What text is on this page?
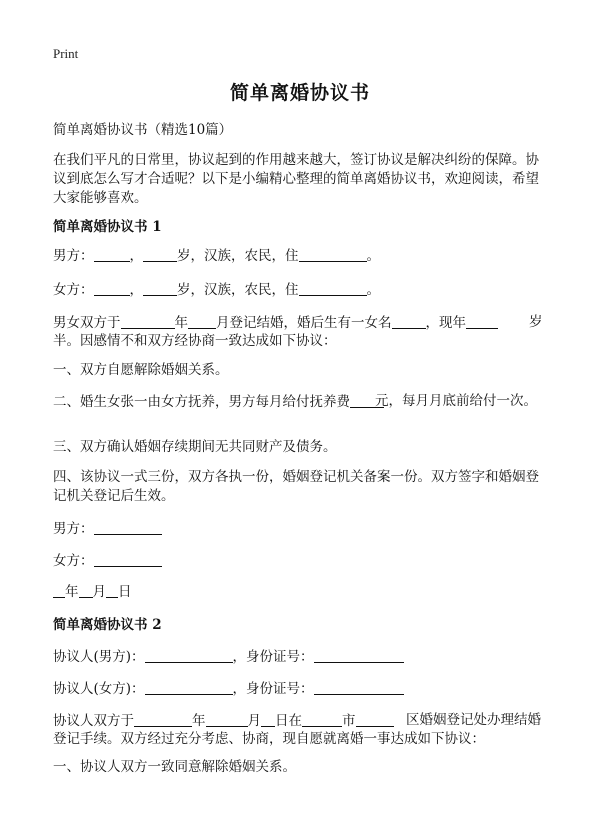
Print
简单离婚协议书
简单离婚协议书（精选10篇）
在我们平凡的日常里，协议起到的作用越来越大，签订协议是解决纠纷的保障。协议到底怎么写才合适呢？以下是小编精心整理的简单离婚协议书，欢迎阅读，希望大家能够喜欢。
简单离婚协议书 1
男方：	，	岁，汉族，农民，住	。
女方：	，	岁，汉族，农民，住	。
男女双方于	年 月登记结婚，婚后生有一女名	，现年	岁半。因感情不和双方经协商一致达成如下协议：
一、双方自愿解除婚姻关系。
二、婚生女张一由女方抚养，男方每月给付抚养费	元，每月月底前给付一次。
三、双方确认婚姻存续期间无共同财产及债务。
四、该协议一式三份，双方各执一份，婚姻登记机关备案一份。双方签字和婚姻登记机关登记后生效。
男方：
女方：
年 月 日
简单离婚协议书 2
协议人(男方)：	，身份证号：
协议人(女方)：	，身份证号：
协议人双方于	年	月 日在	市	区婚姻登记处办理结婚登记手续。双方经过充分考虑、协商，现自愿就离婚一事达成如下协议：
一、协议人双方一致同意解除婚姻关系。
